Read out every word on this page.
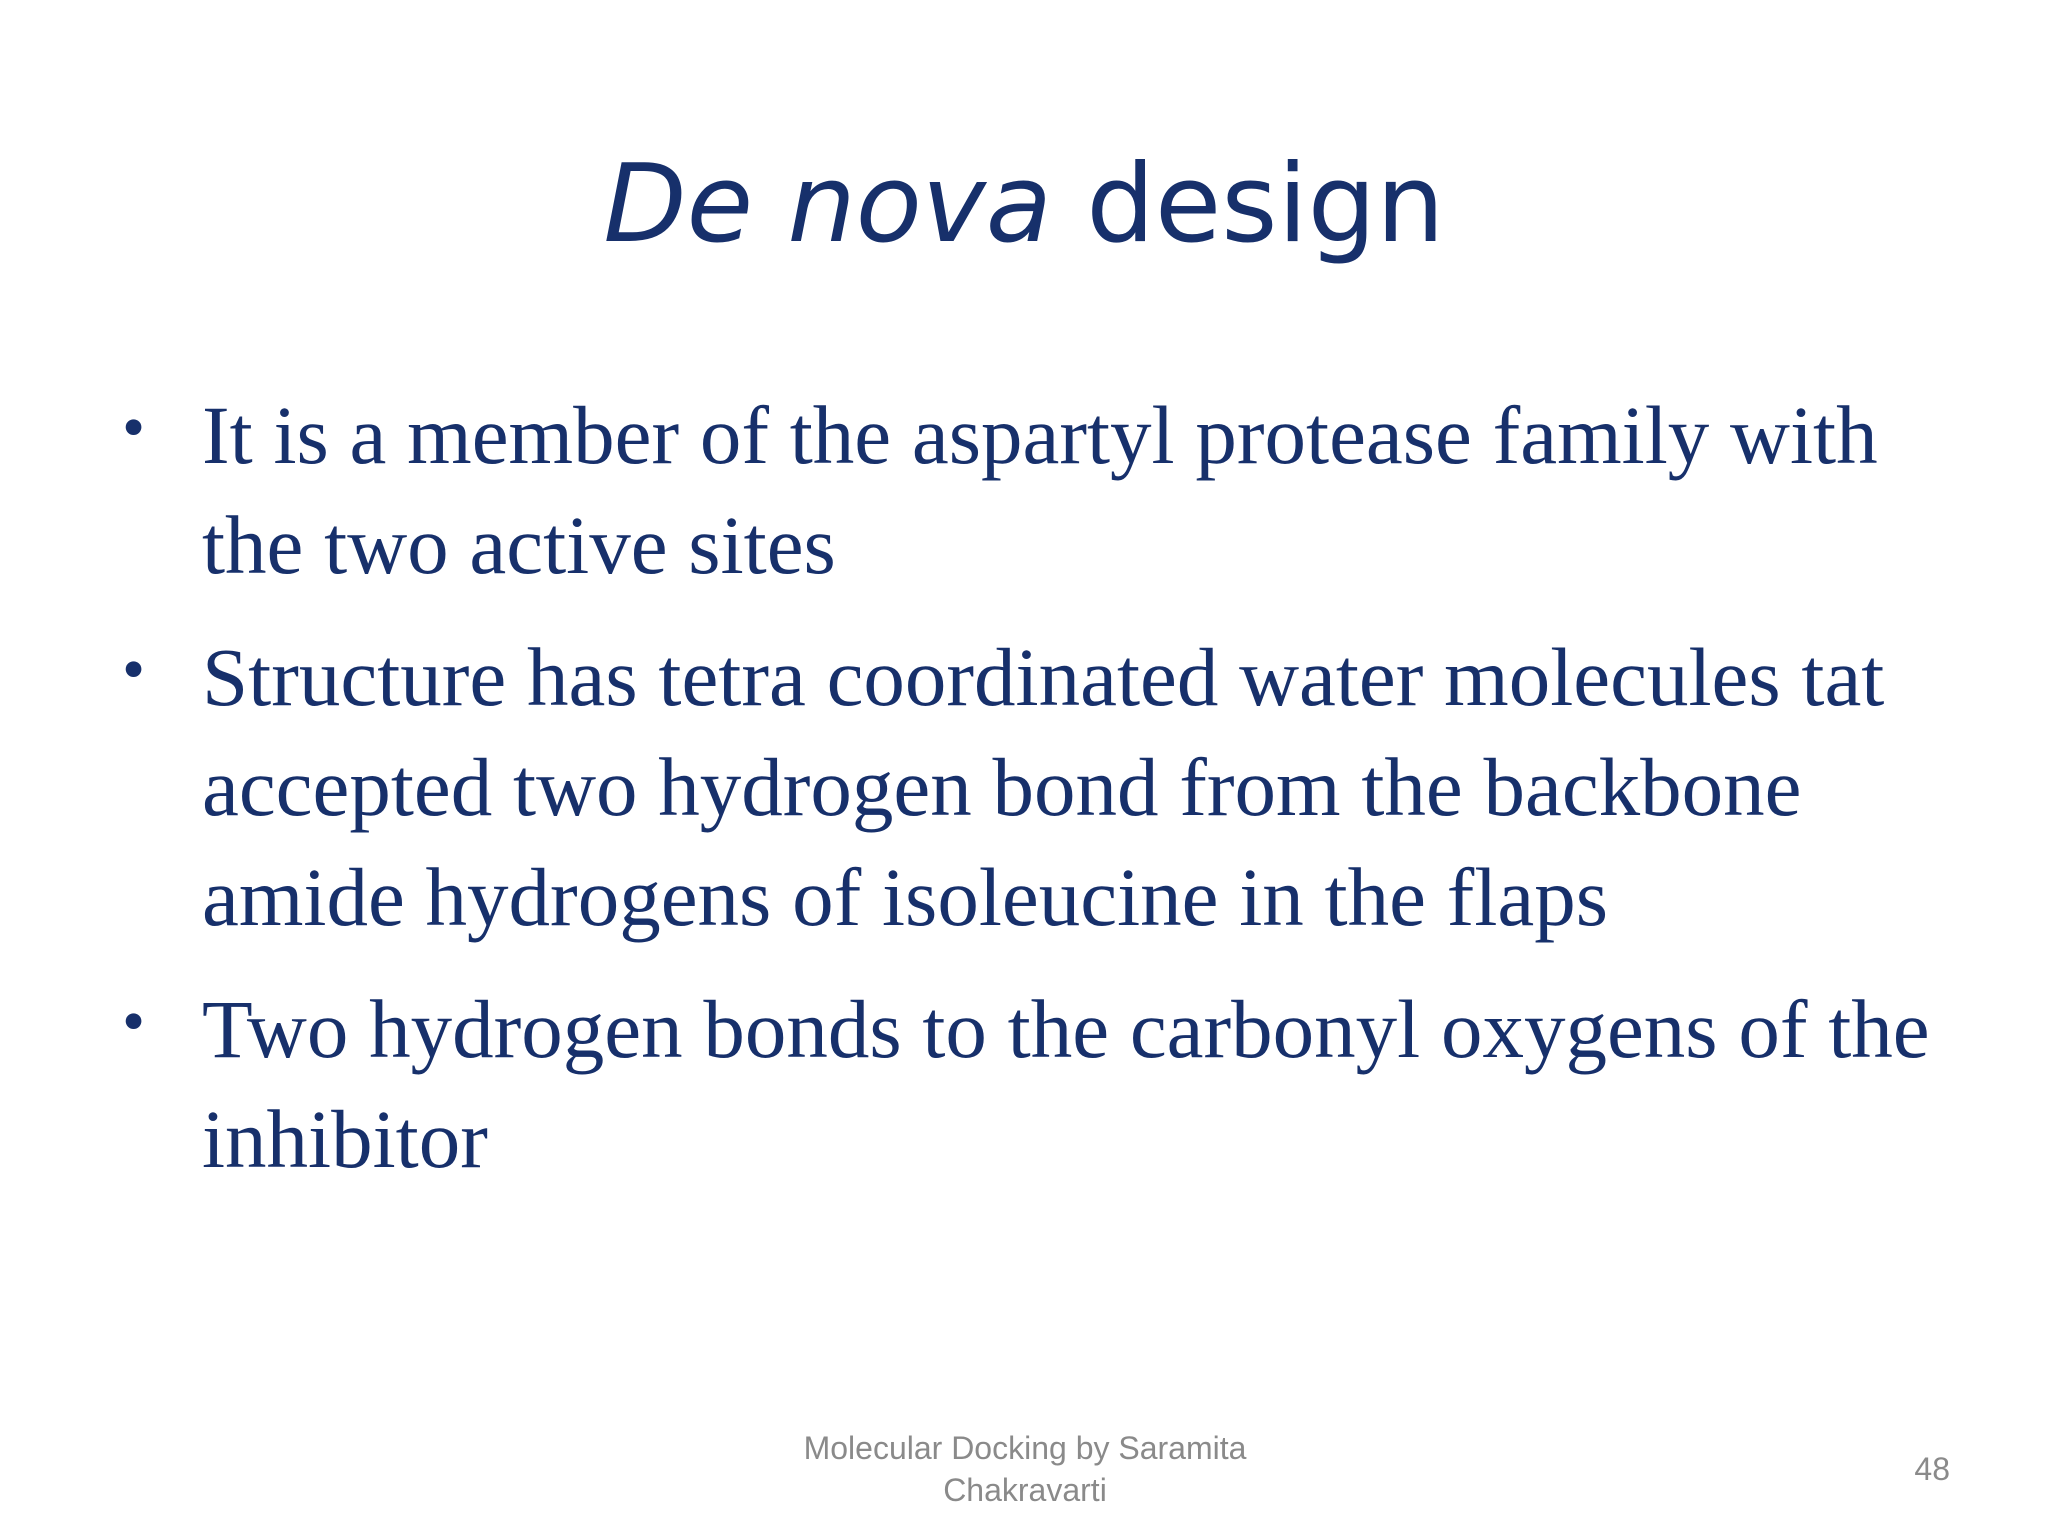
De nova design
• It is a member of the aspartyl protease family with the two active sites
• Structure has tetra coordinated water molecules tat accepted two hydrogen bond from the backbone amide hydrogens of isoleucine in the flaps
• Two hydrogen bonds to the carbonyl oxygens of the inhibitor
Molecular Docking by Saramita
Chakravarti
48
